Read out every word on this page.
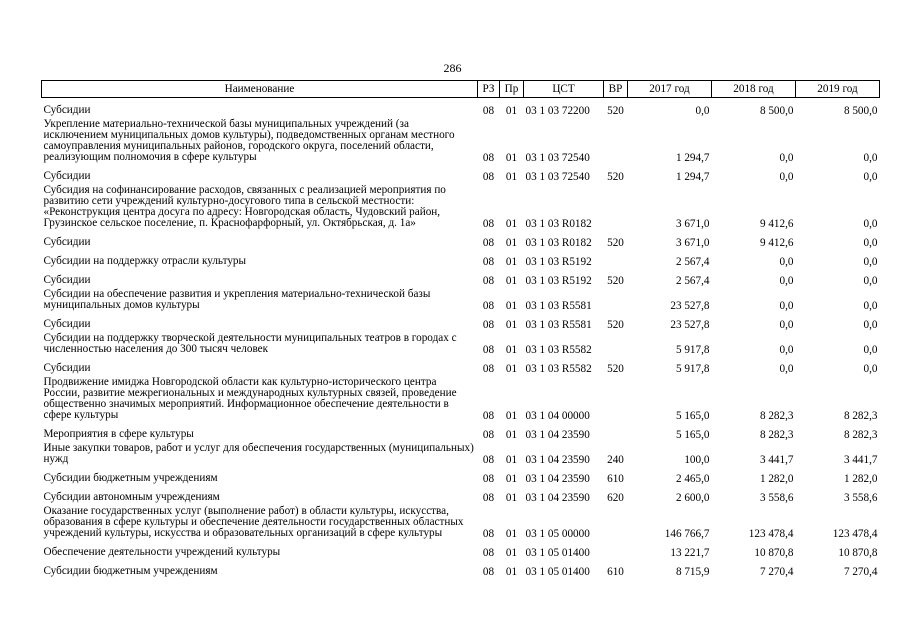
286
Наименование	РЗ	Пр	ЦСТ	ВР	2017 год	2018 год	2019 год
Субсидии	08	01	03 1 03 72200	520	0,0	8 500,0	8 500,0
Укрепление материально-технической базы муниципальных учреждений (за исключением муниципальных домов культуры), подведомственных органам местного самоуправления муниципальных районов, городского округа, поселений области, реализующим полномочия в сфере культуры	08	01	03 1 03 72540		1 294,7	0,0	0,0
Субсидии	08	01	03 1 03 72540	520	1 294,7	0,0	0,0
Субсидия на софинансирование расходов, связанных с реализацией мероприятия по развитию сети учреждений культурно-досугового типа в сельской местности: «Реконструкция центра досуга по адресу: Новгородская область, Чудовский район, Грузинское сельское поселение, п. Краснофарфорный, ул. Октябрьская, д. 1а»	08	01	03 1 03 R0182		3 671,0	9 412,6	0,0
Субсидии	08	01	03 1 03 R0182	520	3 671,0	9 412,6	0,0
Субсидии на поддержку отрасли культуры	08	01	03 1 03 R5192		2 567,4	0,0	0,0
Субсидии	08	01	03 1 03 R5192	520	2 567,4	0,0	0,0
Субсидии на обеспечение развития и укрепления материально-технической базы муниципальных домов культуры	08	01	03 1 03 R5581		23 527,8	0,0	0,0
Субсидии	08	01	03 1 03 R5581	520	23 527,8	0,0	0,0
Субсидии на поддержку творческой деятельности муниципальных театров в городах с численностью населения до 300 тысяч человек	08	01	03 1 03 R5582		5 917,8	0,0	0,0
Субсидии	08	01	03 1 03 R5582	520	5 917,8	0,0	0,0
Продвижение имиджа Новгородской области как культурно-исторического центра России, развитие межрегиональных и международных культурных связей, проведение общественно значимых мероприятий. Информационное обеспечение деятельности в сфере культуры	08	01	03 1 04 00000		5 165,0	8 282,3	8 282,3
Мероприятия в сфере культуры	08	01	03 1 04 23590		5 165,0	8 282,3	8 282,3
Иные закупки товаров, работ и услуг для обеспечения государственных (муниципальных) нужд	08	01	03 1 04 23590	240	100,0	3 441,7	3 441,7
Субсидии бюджетным учреждениям	08	01	03 1 04 23590	610	2 465,0	1 282,0	1 282,0
Субсидии автономным учреждениям	08	01	03 1 04 23590	620	2 600,0	3 558,6	3 558,6
Оказание государственных услуг (выполнение работ) в области культуры, искусства, образования в сфере культуры и обеспечение деятельности государственных областных учреждений культуры, искусства и образовательных организаций в сфере культуры	08	01	03 1 05 00000		146 766,7	123 478,4	123 478,4
Обеспечение деятельности учреждений культуры	08	01	03 1 05 01400		13 221,7	10 870,8	10 870,8
Субсидии бюджетным учреждениям	08	01	03 1 05 01400	610	8 715,9	7 270,4	7 270,4
